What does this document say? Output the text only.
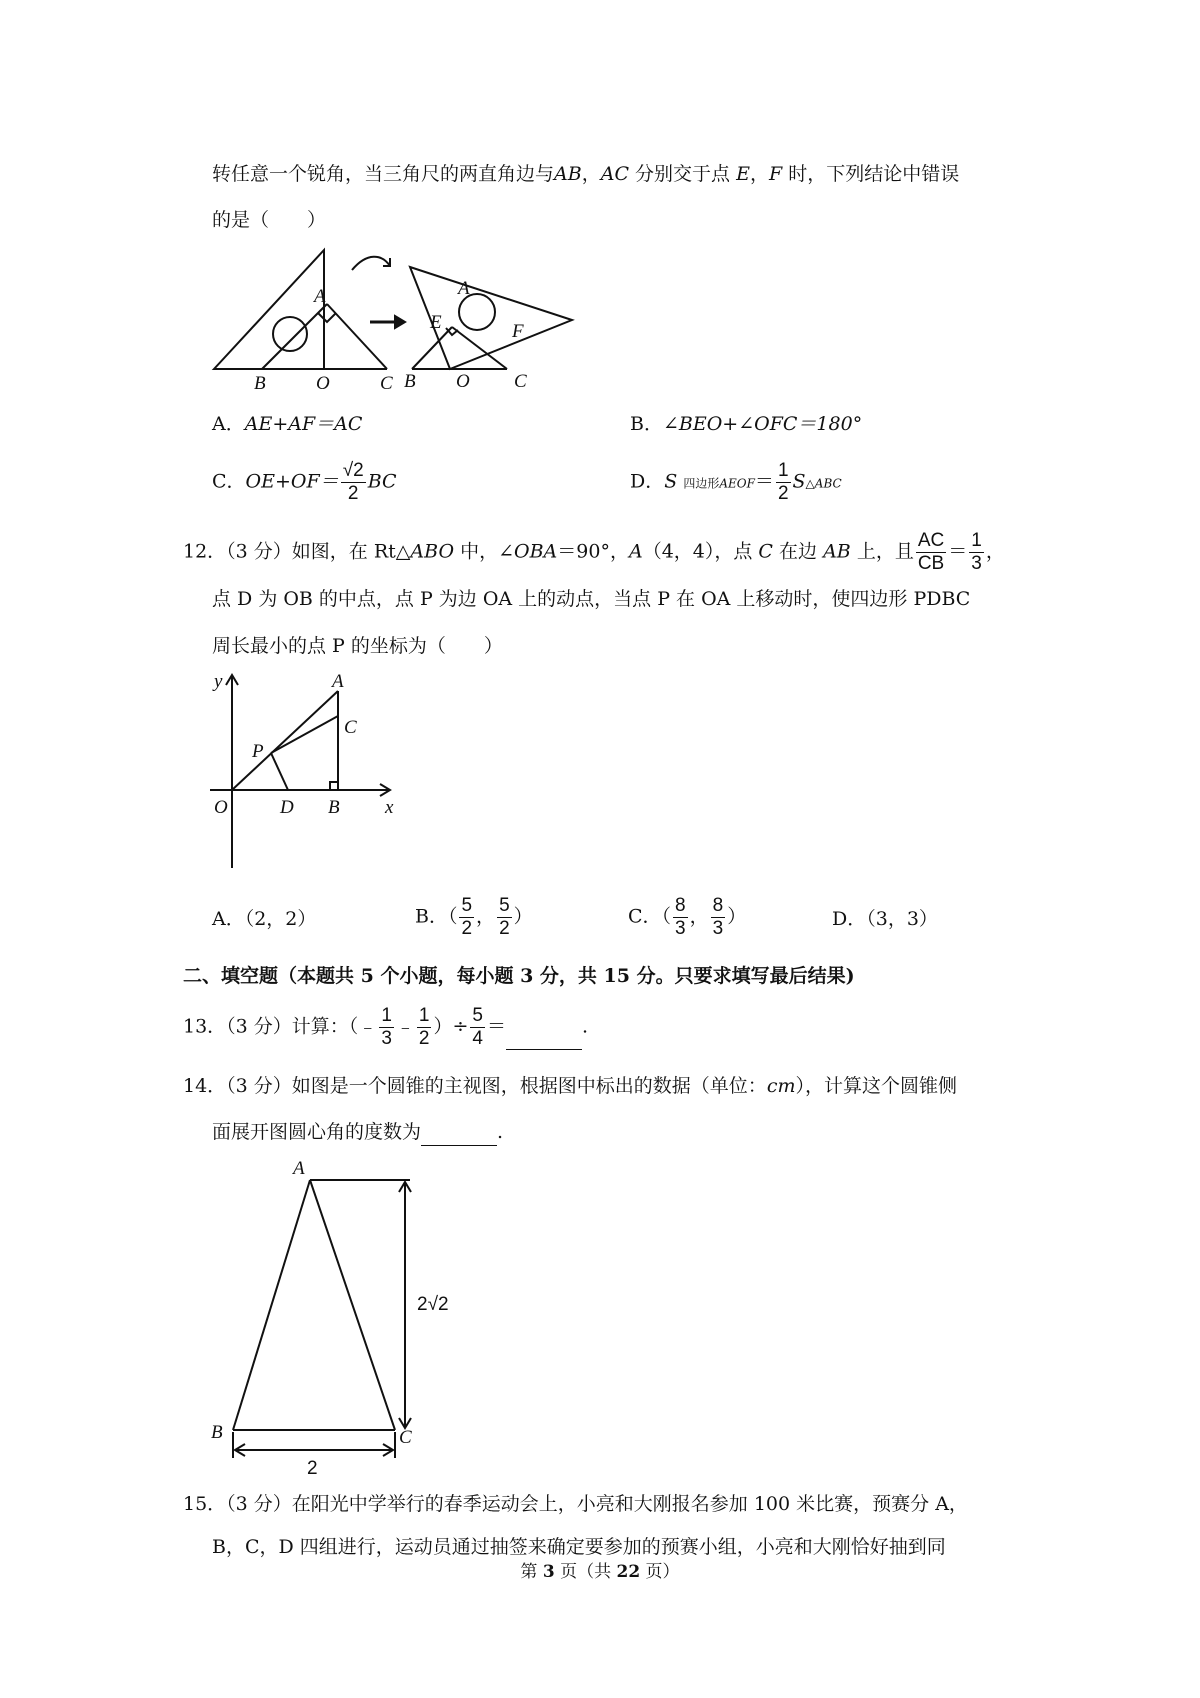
转任意一个锐角，当三角尺的两直角边与AB，AC 分别交于点 E，F 时，下列结论中错误
的是（　　）
A
B	O	C
A
E	F
B O C
A．AE+AF＝AC	B．∠BEO+∠OFC＝180°
C．$OE+OF= \frac{√2}{2}$ BC	D．S 四边形AEOF＝ $\frac{1}{2}$ S△ABC
12．（3 分）如图，在 Rt△ABO 中，∠OBA＝90°，A（4，4），点 C 在边 AB 上，且 $\frac{AC}{CB} = \frac{1}{3}$ ，
点 D 为 OB 的中点，点 P 为边 OA 上的动点，当点 P 在 OA 上移动时，使四边形 PDBC
周长最小的点 P 的坐标为（　　）
y
x
O	D B
P
A
C
A．（2，2）	B．（ $\frac{5}{2}$ ， $\frac{5}{2}$ ）	C．（ $\frac{8}{3}$ ， $\frac{8}{3}$ ）	D．（3，3）
二、填空题（本题共 5 个小题，每小题 3 分，共 15 分。只要求填写最后结果)
13．（3 分）计算：（﹣ $\frac{1}{3}$ ﹣ $\frac{1}{2}$ ）÷ $\frac{5}{4}$ ＝	.
14．（3 分）如图是一个圆锥的主视图，根据图中标出的数据（单位：cm），计算这个圆锥侧
面展开图圆心角的度数为	.
A
B	C
2√2
2
15．（3 分）在阳光中学举行的春季运动会上，小亮和大刚报名参加 100 米比赛，预赛分 A，
B，C，D 四组进行，运动员通过抽签来确定要参加的预赛小组，小亮和大刚恰好抽到同
第 3 页（共 22 页）
